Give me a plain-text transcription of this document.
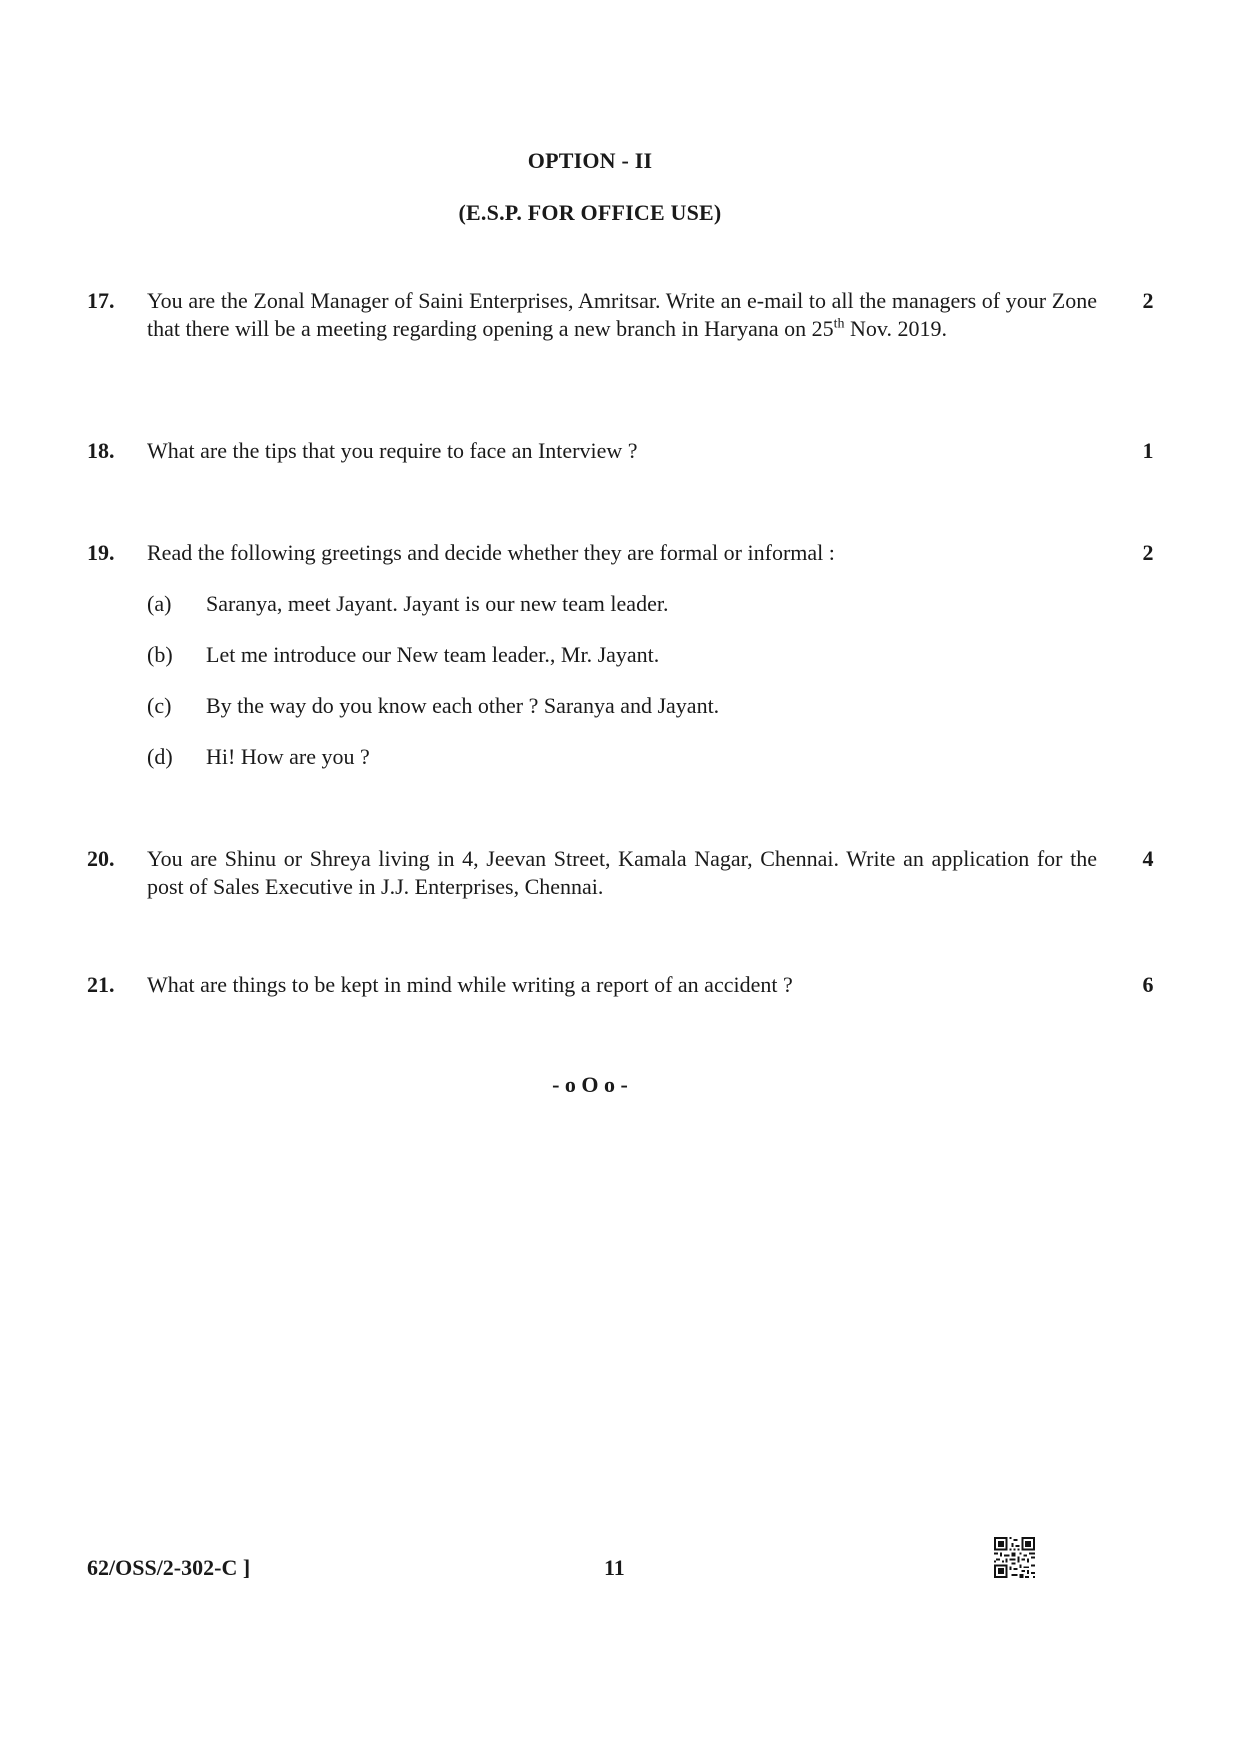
OPTION - II
(E.S.P. FOR OFFICE USE)
17. You are the Zonal Manager of Saini Enterprises, Amritsar. Write an e-mail to all the managers of your Zone that there will be a meeting regarding opening a new branch in Haryana on 25th Nov. 2019.
2
18. What are the tips that you require to face an Interview ?	1
19. Read the following greetings and decide whether they are formal or informal :	2
(a) Saranya, meet Jayant. Jayant is our new team leader.
(b) Let me introduce our New team leader., Mr. Jayant.
(c) By the way do you know each other ? Saranya and Jayant.
(d) Hi! How are you ?
20. You are Shinu or Shreya living in 4, Jeevan Street, Kamala Nagar, Chennai. Write an application for the post of Sales Executive in J.J. Enterprises, Chennai.
4
21. What are things to be kept in mind while writing a report of an accident ?	6
- o O o -
62/OSS/2-302-C ]	11
